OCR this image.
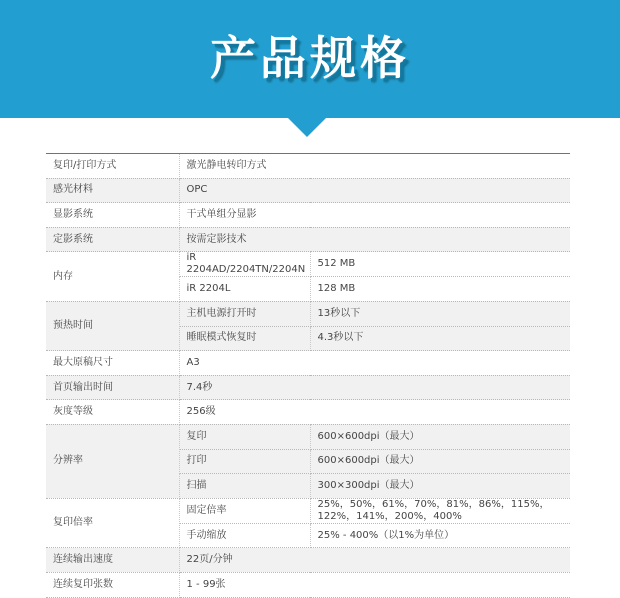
产品规格
复印/打印方式	激光静电转印方式	
感光材料	OPC	
显影系统	干式单组分显影	
定影系统	按需定影技术	
内存	iR 2204AD/2204TN/2204N	512 MB
	iR 2204L	128 MB
预热时间	主机电源打开时	13秒以下
	睡眠模式恢复时	4.3秒以下
最大原稿尺寸	A3	
首页输出时间	7.4秒	
灰度等级	256级	
分辨率	复印	600×600dpi（最大）
	打印	600×600dpi（最大）
	扫描	300×300dpi（最大）
复印倍率	固定倍率	25%，50%，61%，70%，81%，86%，115%，122%，141%，200%，400%
	手动缩放	25% - 400%（以1%为单位）
连续输出速度	22页/分钟	
连续复印张数	1 - 99张	
